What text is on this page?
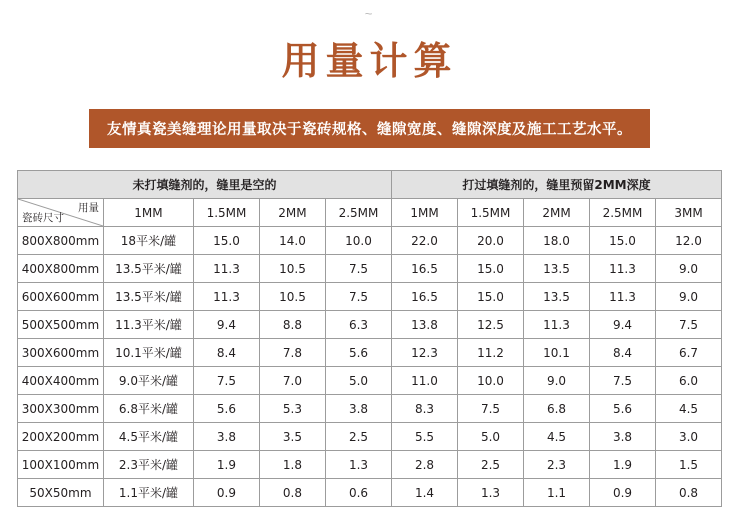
~
用量计算
友情真瓷美缝理论用量取决于瓷砖规格、缝隙宽度、缝隙深度及施工工艺水平。
未打填缝剂的，缝里是空的					打过填缝剂的，缝里预留2MM深度				

用量
瓷砖尺寸	1MM	1.5MM	2MM	2.5MM	1MM	1.5MM	2MM	2.5MM	3MM
800X800mm	18平米/罐	15.0	14.0	10.0	22.0	20.0	18.0	15.0	12.0
400X800mm	13.5平米/罐	11.3	10.5	7.5	16.5	15.0	13.5	11.3	9.0
600X600mm	13.5平米/罐	11.3	10.5	7.5	16.5	15.0	13.5	11.3	9.0
500X500mm	11.3平米/罐	9.4	8.8	6.3	13.8	12.5	11.3	9.4	7.5
300X600mm	10.1平米/罐	8.4	7.8	5.6	12.3	11.2	10.1	8.4	6.7
400X400mm	9.0平米/罐	7.5	7.0	5.0	11.0	10.0	9.0	7.5	6.0
300X300mm	6.8平米/罐	5.6	5.3	3.8	8.3	7.5	6.8	5.6	4.5
200X200mm	4.5平米/罐	3.8	3.5	2.5	5.5	5.0	4.5	3.8	3.0
100X100mm	2.3平米/罐	1.9	1.8	1.3	2.8	2.5	2.3	1.9	1.5
50X50mm	1.1平米/罐	0.9	0.8	0.6	1.4	1.3	1.1	0.9	0.8
